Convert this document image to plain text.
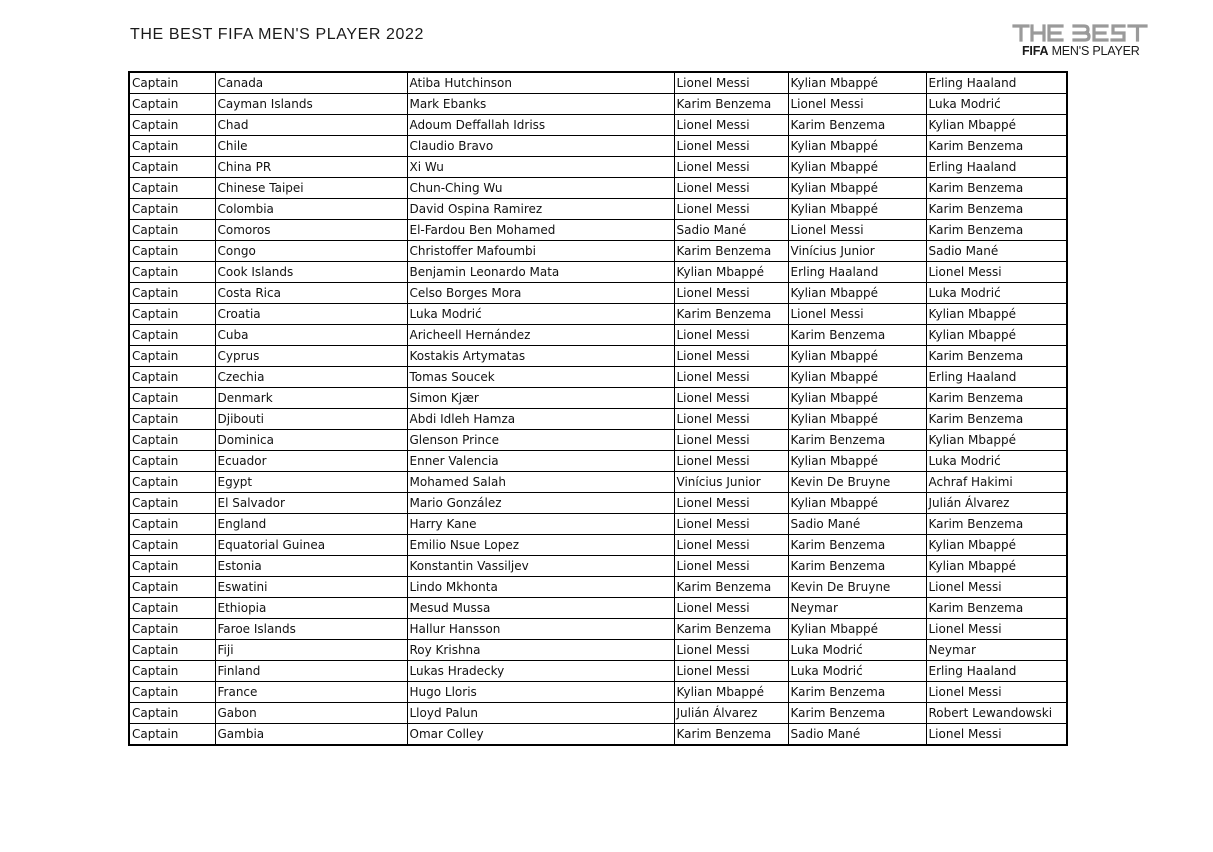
THE BEST FIFA MEN'S PLAYER 2022
FIFA MEN'S PLAYER
Captain	Canada	Atiba Hutchinson	Lionel Messi	Kylian Mbappé	Erling Haaland
Captain	Cayman Islands	Mark Ebanks	Karim Benzema	Lionel Messi	Luka Modrić
Captain	Chad	Adoum Deffallah Idriss	Lionel Messi	Karim Benzema	Kylian Mbappé
Captain	Chile	Claudio Bravo	Lionel Messi	Kylian Mbappé	Karim Benzema
Captain	China PR	Xi Wu	Lionel Messi	Kylian Mbappé	Erling Haaland
Captain	Chinese Taipei	Chun-Ching Wu	Lionel Messi	Kylian Mbappé	Karim Benzema
Captain	Colombia	David Ospina Ramirez	Lionel Messi	Kylian Mbappé	Karim Benzema
Captain	Comoros	El-Fardou Ben Mohamed	Sadio Mané	Lionel Messi	Karim Benzema
Captain	Congo	Christoffer Mafoumbi	Karim Benzema	Vinícius Junior	Sadio Mané
Captain	Cook Islands	Benjamin Leonardo Mata	Kylian Mbappé	Erling Haaland	Lionel Messi
Captain	Costa Rica	Celso Borges Mora	Lionel Messi	Kylian Mbappé	Luka Modrić
Captain	Croatia	Luka Modrić	Karim Benzema	Lionel Messi	Kylian Mbappé
Captain	Cuba	Aricheell Hernández	Lionel Messi	Karim Benzema	Kylian Mbappé
Captain	Cyprus	Kostakis Artymatas	Lionel Messi	Kylian Mbappé	Karim Benzema
Captain	Czechia	Tomas Soucek	Lionel Messi	Kylian Mbappé	Erling Haaland
Captain	Denmark	Simon Kjær	Lionel Messi	Kylian Mbappé	Karim Benzema
Captain	Djibouti	Abdi Idleh Hamza	Lionel Messi	Kylian Mbappé	Karim Benzema
Captain	Dominica	Glenson Prince	Lionel Messi	Karim Benzema	Kylian Mbappé
Captain	Ecuador	Enner Valencia	Lionel Messi	Kylian Mbappé	Luka Modrić
Captain	Egypt	Mohamed Salah	Vinícius Junior	Kevin De Bruyne	Achraf Hakimi
Captain	El Salvador	Mario González	Lionel Messi	Kylian Mbappé	Julián Álvarez
Captain	England	Harry Kane	Lionel Messi	Sadio Mané	Karim Benzema
Captain	Equatorial Guinea	Emilio Nsue Lopez	Lionel Messi	Karim Benzema	Kylian Mbappé
Captain	Estonia	Konstantin Vassiljev	Lionel Messi	Karim Benzema	Kylian Mbappé
Captain	Eswatini	Lindo Mkhonta	Karim Benzema	Kevin De Bruyne	Lionel Messi
Captain	Ethiopia	Mesud Mussa	Lionel Messi	Neymar	Karim Benzema
Captain	Faroe Islands	Hallur Hansson	Karim Benzema	Kylian Mbappé	Lionel Messi
Captain	Fiji	Roy Krishna	Lionel Messi	Luka Modrić	Neymar
Captain	Finland	Lukas Hradecky	Lionel Messi	Luka Modrić	Erling Haaland
Captain	France	Hugo Lloris	Kylian Mbappé	Karim Benzema	Lionel Messi
Captain	Gabon	Lloyd Palun	Julián Álvarez	Karim Benzema	Robert Lewandowski
Captain	Gambia	Omar Colley	Karim Benzema	Sadio Mané	Lionel Messi
